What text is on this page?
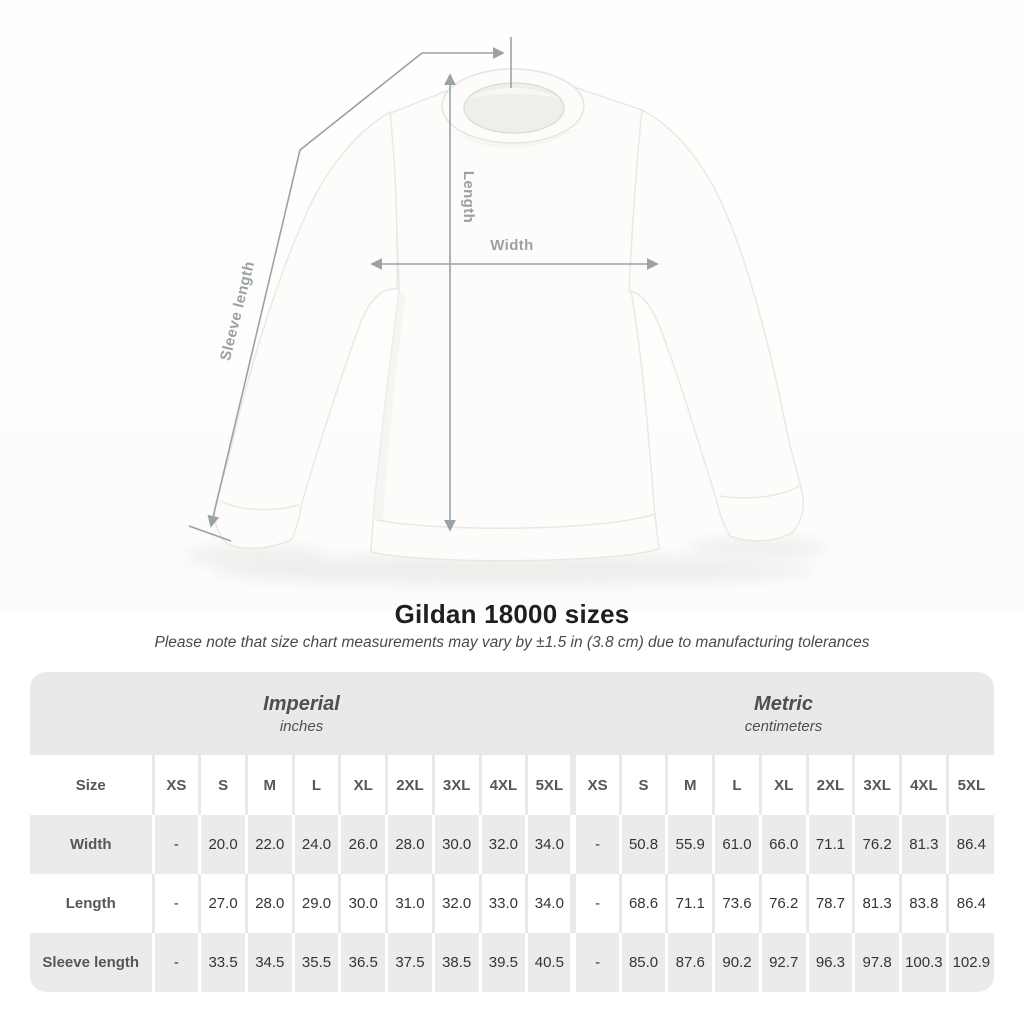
Width
Length
Sleeve length
Gildan 18000 sizes
Please note that size chart measurements may vary by ±1.5 in (3.8 cm) due to manufacturing tolerances
Imperial
inches
Metric
centimeters
Size	XS	S	M	L	XL	2XL	3XL	4XL	5XL	XS	S	M	L	XL	2XL	3XL	4XL	5XL
Width	-	20.0	22.0	24.0	26.0	28.0	30.0	32.0	34.0	-	50.8	55.9	61.0	66.0	71.1	76.2	81.3	86.4
Length	-	27.0	28.0	29.0	30.0	31.0	32.0	33.0	34.0	-	68.6	71.1	73.6	76.2	78.7	81.3	83.8	86.4
Sleeve length	-	33.5	34.5	35.5	36.5	37.5	38.5	39.5	40.5	-	85.0	87.6	90.2	92.7	96.3	97.8	100.3	102.9
